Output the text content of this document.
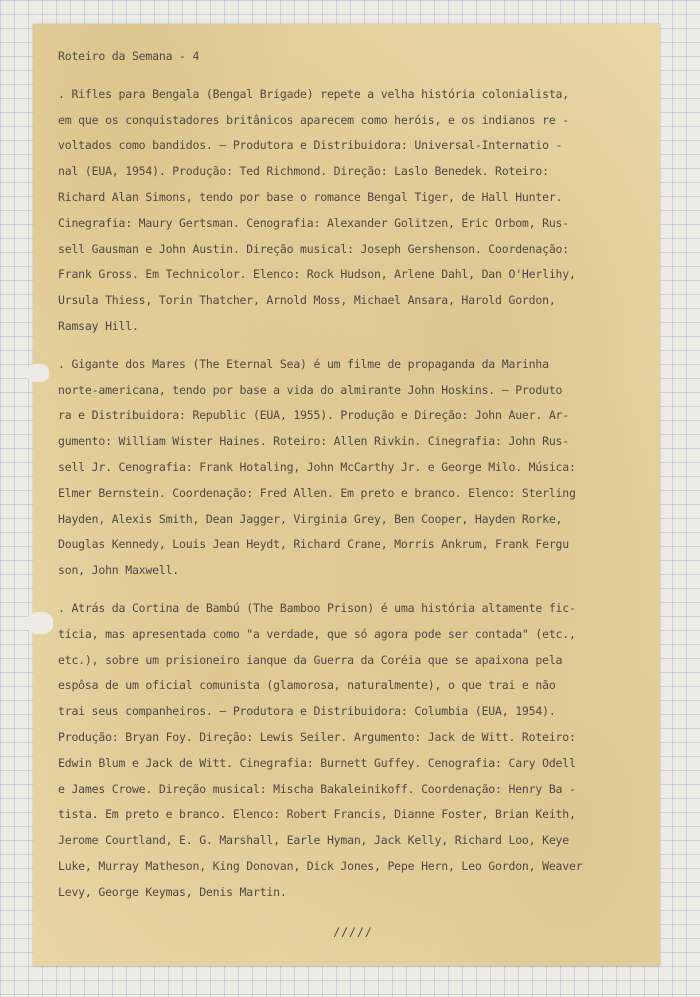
Roteiro da Semana - 4
. Rifles para Bengala (Bengal Brigade) repete a velha história colonialista,
em que os conquistadores britânicos aparecem como heróis, e os indianos re -
voltados como bandidos. — Produtora e Distribuidora: Universal-Internatio -
nal (EUA, 1954). Produção: Ted Richmond. Direção: Laslo Benedek. Roteiro:
Richard Alan Simons, tendo por base o romance Bengal Tiger, de Hall Hunter.
Cinegrafia: Maury Gertsman. Cenografia: Alexander Golitzen, Eric Orbom, Rus-
sell Gausman e John Austin. Direção musical: Joseph Gershenson. Coordenação:
Frank Gross. Em Technicolor. Elenco: Rock Hudson, Arlene Dahl, Dan O'Herlihy,
Ursula Thiess, Torin Thatcher, Arnold Moss, Michael Ansara, Harold Gordon,
Ramsay Hill.
. Gigante dos Mares (The Eternal Sea) é um filme de propaganda da Marinha
norte-americana, tendo por base a vida do almirante John Hoskins. — Produto
ra e Distribuidora: Republic (EUA, 1955). Produção e Direção: John Auer. Ar-
gumento: William Wister Haines. Roteiro: Allen Rivkin. Cinegrafia: John Rus-
sell Jr. Cenografia: Frank Hotaling, John McCarthy Jr. e George Milo. Música:
Elmer Bernstein. Coordenação: Fred Allen. Em preto e branco. Elenco: Sterling
Hayden, Alexis Smith, Dean Jagger, Virginia Grey, Ben Cooper, Hayden Rorke,
Douglas Kennedy, Louis Jean Heydt, Richard Crane, Morris Ankrum, Frank Fergu
son, John Maxwell.
. Atrás da Cortina de Bambú (The Bamboo Prison) é uma história altamente fic-
tícia, mas apresentada como "a verdade, que só agora pode ser contada" (etc.,
etc.), sobre um prisioneiro ianque da Guerra da Coréia que se apaixona pela
espôsa de um oficial comunista (glamorosa, naturalmente), o que trai e não
trai seus companheiros. — Produtora e Distribuidora: Columbia (EUA, 1954).
Produção: Bryan Foy. Direção: Lewis Seiler. Argumento: Jack de Witt. Roteiro:
Edwin Blum e Jack de Witt. Cinegrafia: Burnett Guffey. Cenografia: Cary Odell
e James Crowe. Direção musical: Mischa Bakaleinikoff. Coordenação: Henry Ba -
tista. Em preto e branco. Elenco: Robert Francis, Dianne Foster, Brian Keith,
Jerome Courtland, E. G. Marshall, Earle Hyman, Jack Kelly, Richard Loo, Keye
Luke, Murray Matheson, King Donovan, Dick Jones, Pepe Hern, Leo Gordon, Weaver
Levy, George Keymas, Denis Martin.
/////
